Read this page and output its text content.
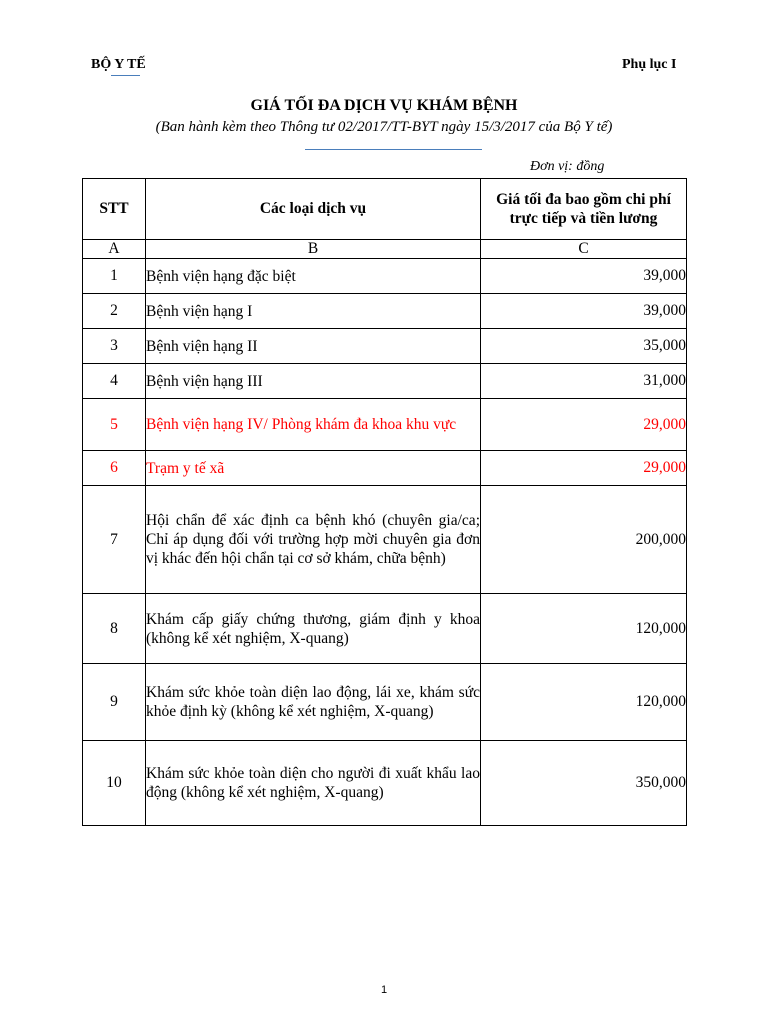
BỘ Y TẾ	Phụ lục I
GIÁ TỐI ĐA DỊCH VỤ KHÁM BỆNH
(Ban hành kèm theo Thông tư 02/2017/TT-BYT ngày 15/3/2017 của Bộ Y tế)
Đơn vị: đồng
STT	Các loại dịch vụ	Giá tối đa bao gồm chi phí trực tiếp và tiền lương
A	B	C
1	Bệnh viện hạng đặc biệt	39,000
2	Bệnh viện hạng I	39,000
3	Bệnh viện hạng II	35,000
4	Bệnh viện hạng III	31,000
5	Bệnh viện hạng IV/ Phòng khám đa khoa khu vực	29,000
6	Trạm y tế xã	29,000
7	Hội chẩn để xác định ca bệnh khó (chuyên gia/ca; Chỉ áp dụng đối với trường hợp mời chuyên gia đơn vị khác đến hội chẩn tại cơ sở khám, chữa bệnh)	200,000
8	Khám cấp giấy chứng thương, giám định y khoa (không kể xét nghiệm, X-quang)	120,000
9	Khám sức khỏe toàn diện lao động, lái xe, khám sức khỏe định kỳ (không kể xét nghiệm, X-quang)	120,000
10	Khám sức khỏe toàn diện cho người đi xuất khẩu lao động (không kể xét nghiệm, X-quang)	350,000
1
